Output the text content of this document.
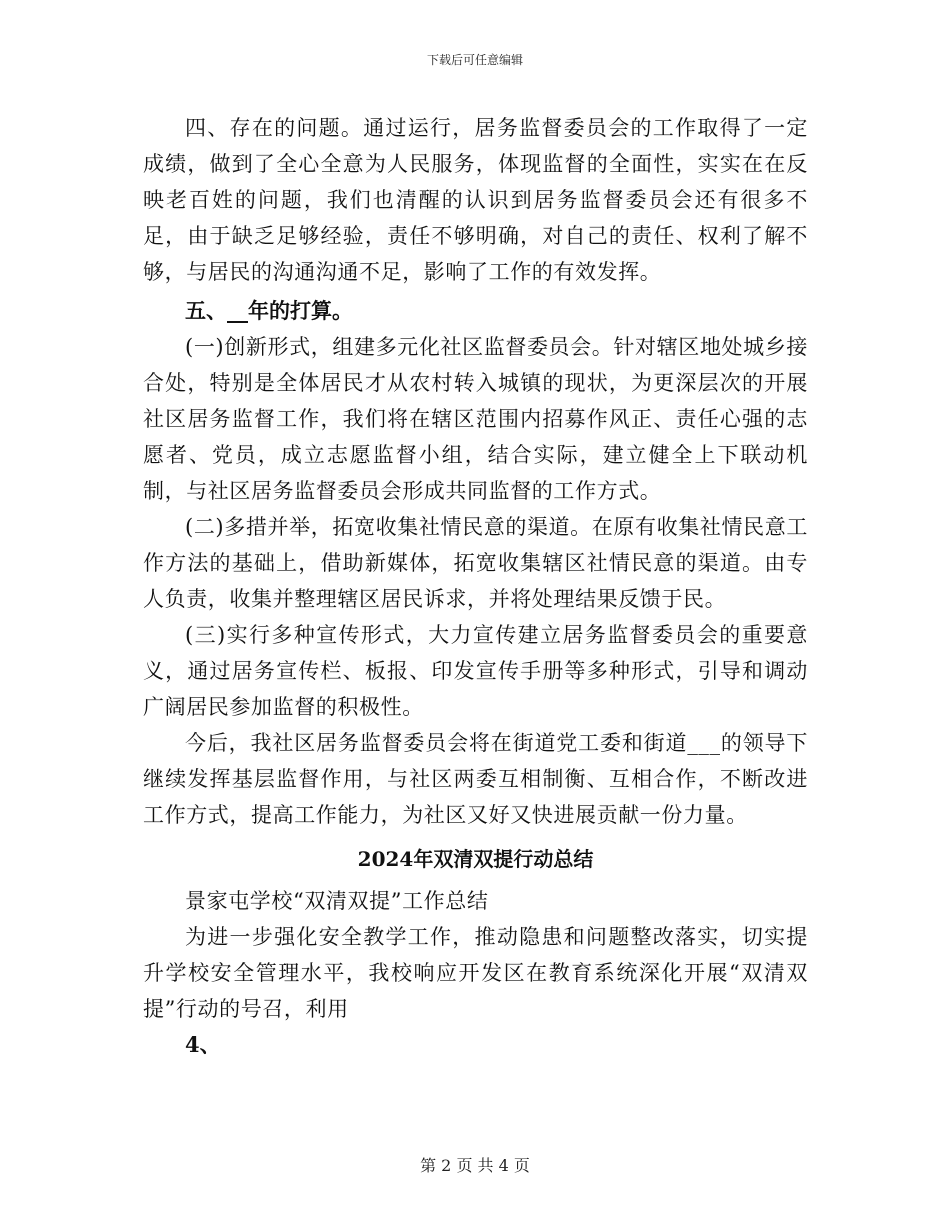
下载后可任意编辑

四、存在的问题。通过运行，居务监督委员会的工作取得了一定成绩，做到了全心全意为人民服务，体现监督的全面性，实实在在反映老百姓的问题，我们也清醒的认识到居务监督委员会还有很多不足，由于缺乏足够经验，责任不够明确，对自己的责任、权利了解不够，与居民的沟通沟通不足，影响了工作的有效发挥。

五、__年的打算。

(一)创新形式，组建多元化社区监督委员会。针对辖区地处城乡接合处，特别是全体居民才从农村转入城镇的现状，为更深层次的开展社区居务监督工作，我们将在辖区范围内招募作风正、责任心强的志愿者、党员，成立志愿监督小组，结合实际，建立健全上下联动机制，与社区居务监督委员会形成共同监督的工作方式。

(二)多措并举，拓宽收集社情民意的渠道。在原有收集社情民意工作方法的基础上，借助新媒体，拓宽收集辖区社情民意的渠道。由专人负责，收集并整理辖区居民诉求，并将处理结果反馈于民。

(三)实行多种宣传形式，大力宣传建立居务监督委员会的重要意义，通过居务宣传栏、板报、印发宣传手册等多种形式，引导和调动广阔居民参加监督的积极性。

今后，我社区居务监督委员会将在街道党工委和街道___的领导下继续发挥基层监督作用，与社区两委互相制衡、互相合作，不断改进工作方式，提高工作能力，为社区又好又快进展贡献一份力量。

2024年双清双提行动总结

景家屯学校“双清双提”工作总结

为进一步强化安全教学工作，推动隐患和问题整改落实，切实提升学校安全管理水平，我校响应开发区在教育系统深化开展“双清双提”行动的号召，利用

4、

第 2 页 共 4 页
